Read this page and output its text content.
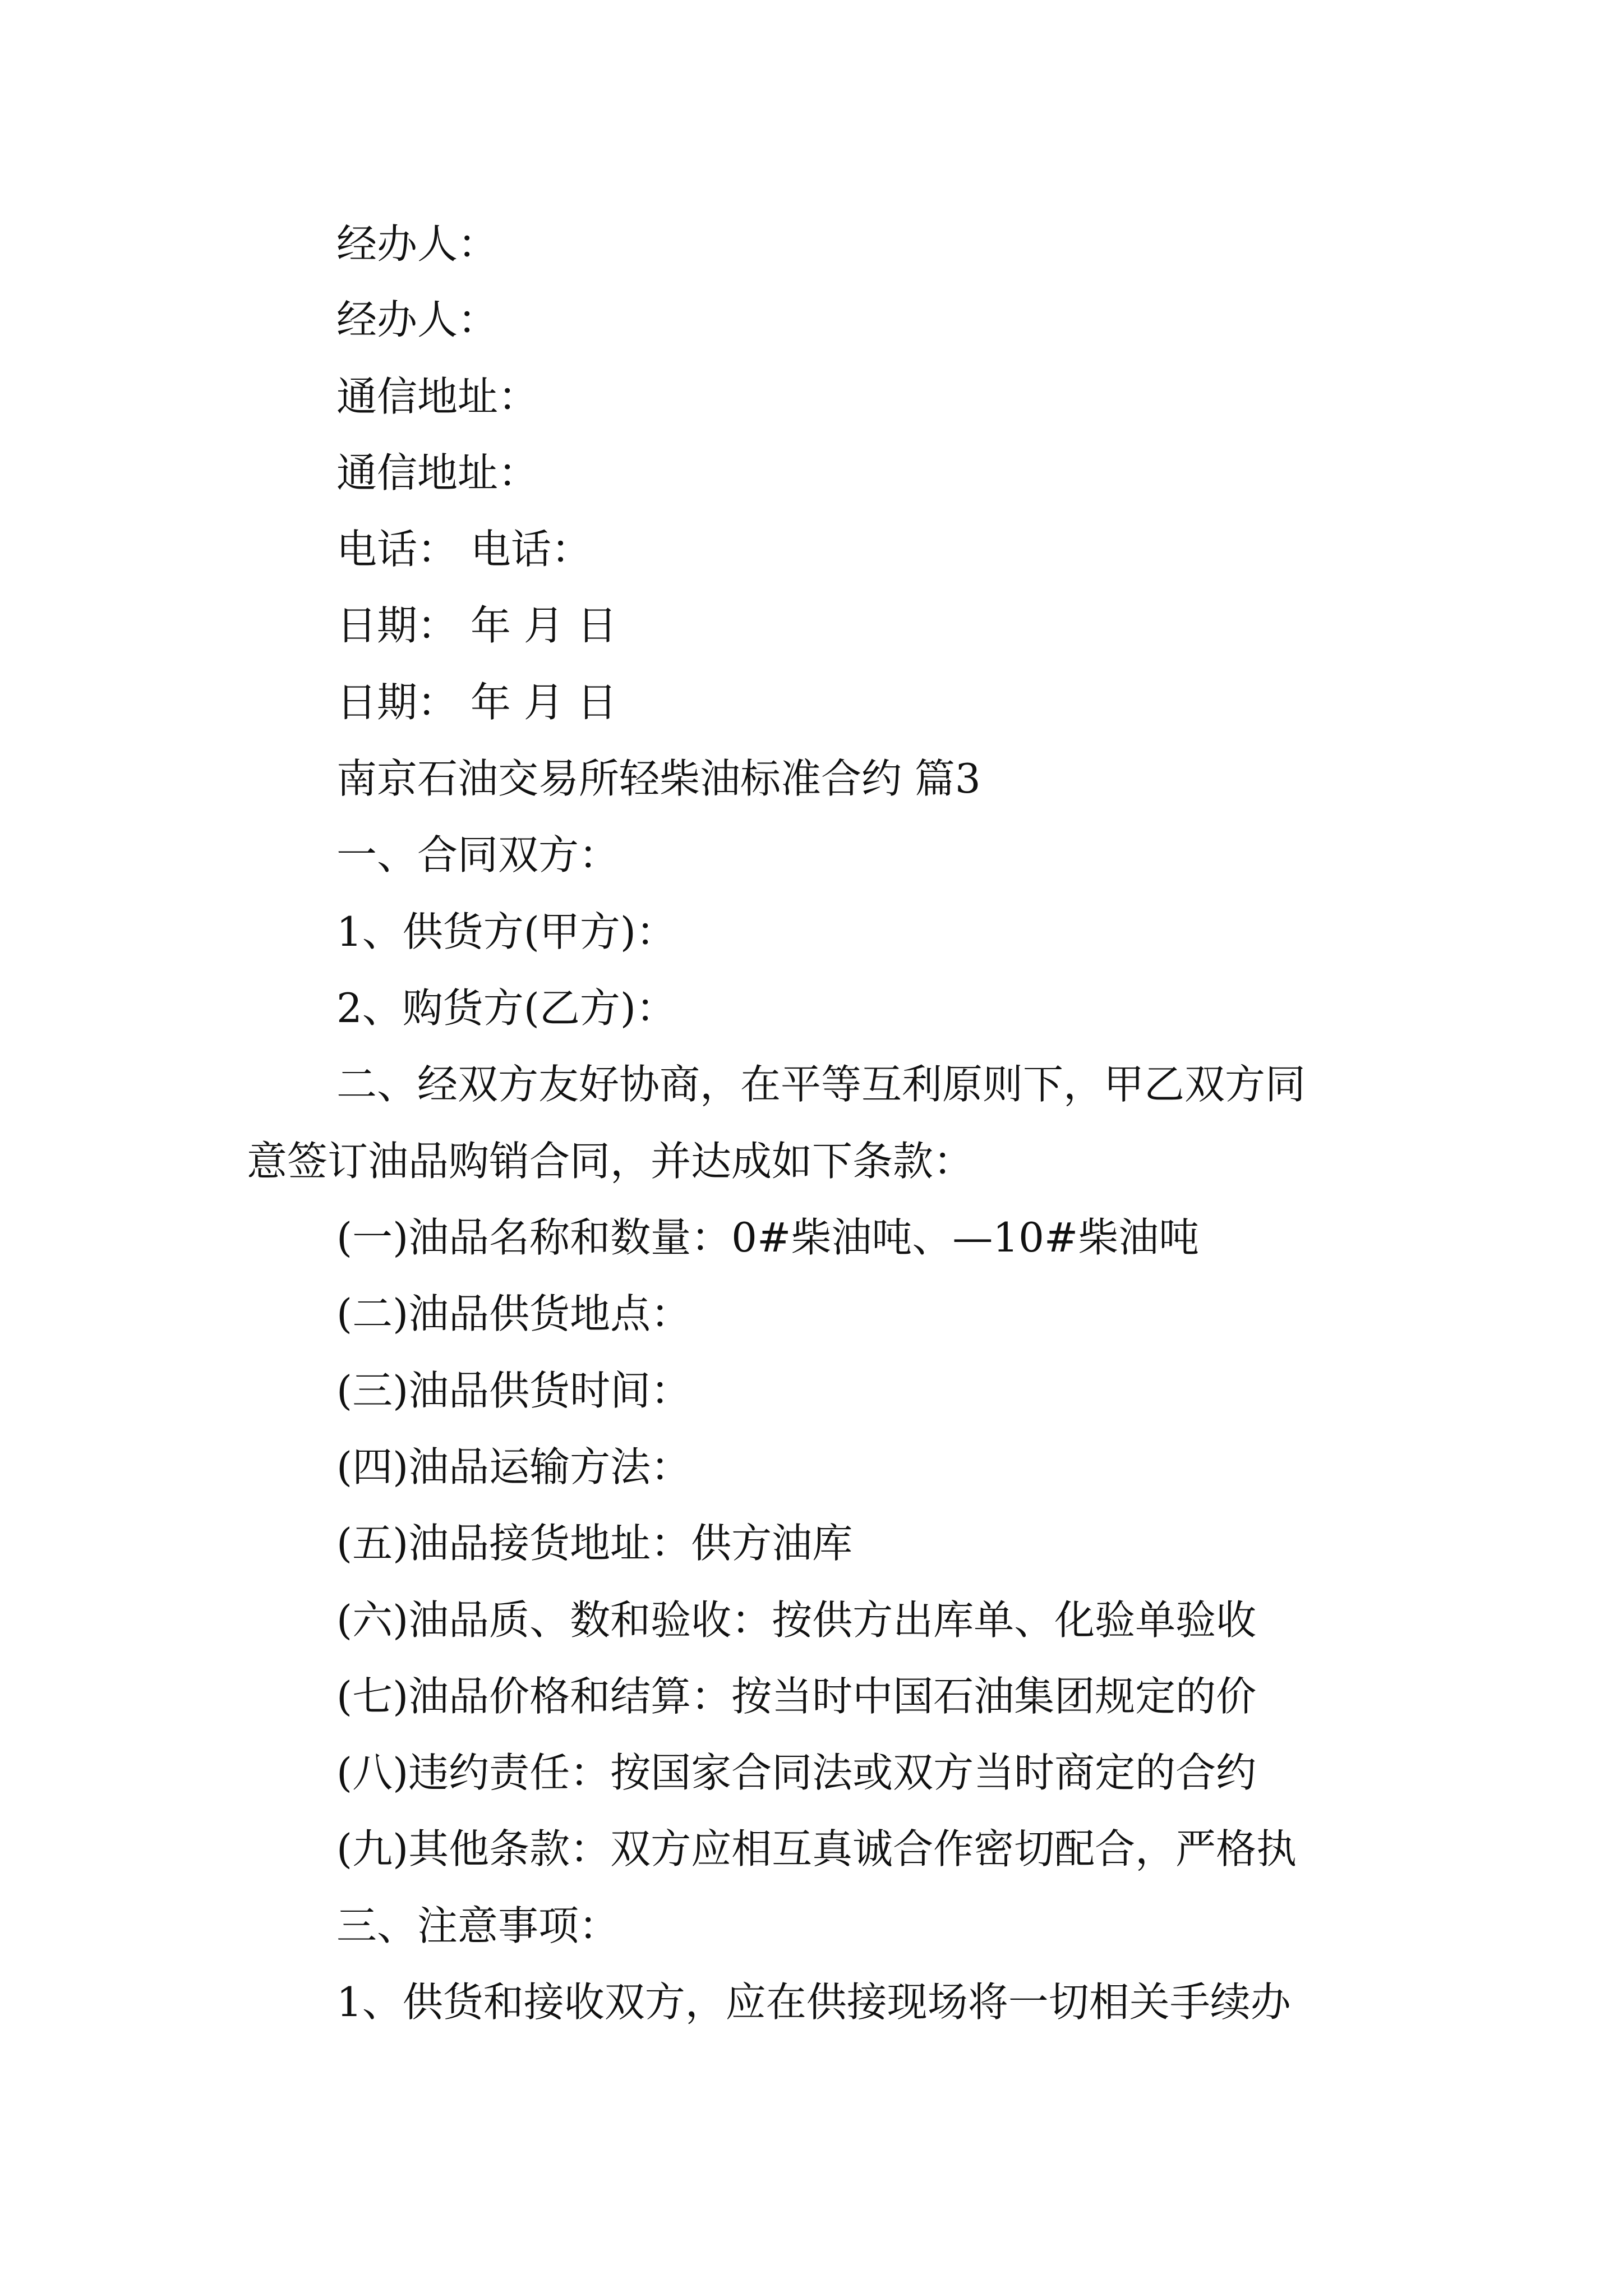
经办人：

经办人：

通信地址：

通信地址：

电话： 电话：

日期： 年 月 日

日期： 年 月 日

南京石油交易所轻柴油标准合约 篇3

一、合同双方：

1、供货方(甲方)：

2、购货方(乙方)：

二、经双方友好协商，在平等互利原则下，甲乙双方同

意签订油品购销合同，并达成如下条款：

(一)油品名称和数量：0#柴油吨、—10#柴油吨

(二)油品供货地点：

(三)油品供货时间：

(四)油品运输方法：

(五)油品接货地址：供方油库

(六)油品质、数和验收：按供方出库单、化验单验收

(七)油品价格和结算：按当时中国石油集团规定的价

(八)违约责任：按国家合同法或双方当时商定的合约

(九)其他条款：双方应相互真诚合作密切配合，严格执

三、注意事项：

1、供货和接收双方，应在供接现场将一切相关手续办
